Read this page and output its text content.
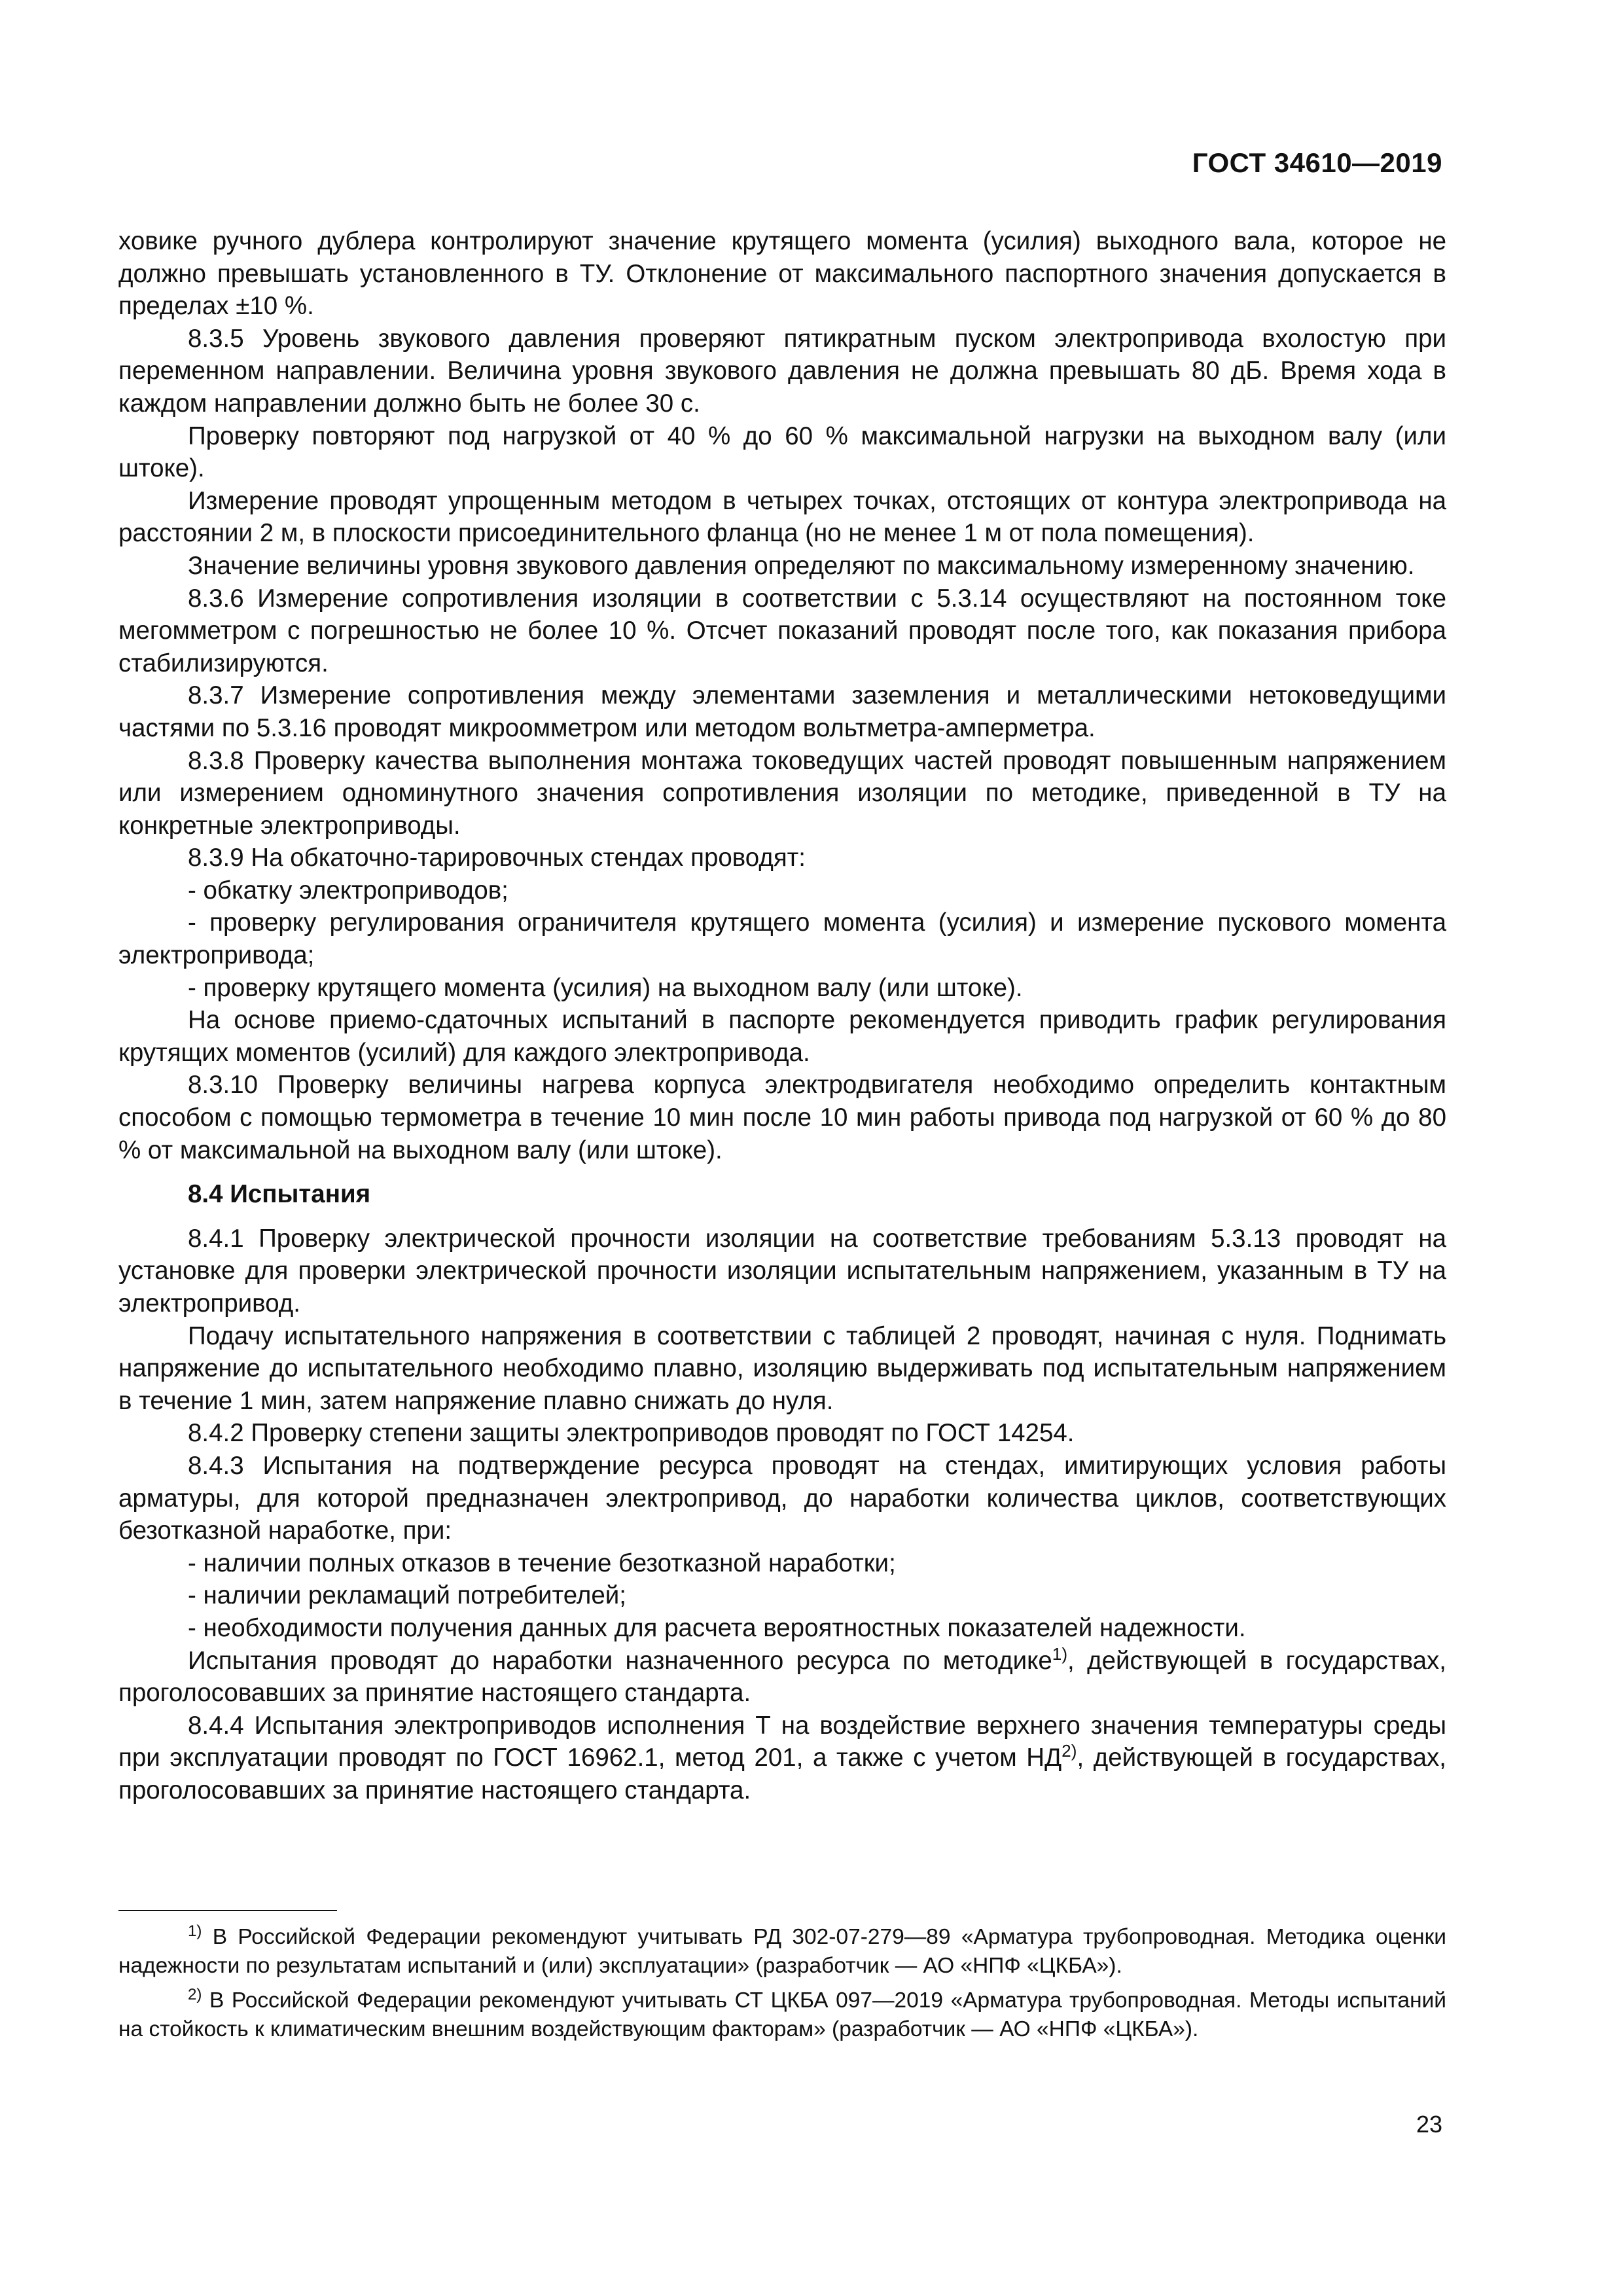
ГОСТ 34610—2019

ховике ручного дублера контролируют значение крутящего момента (усилия) выходного вала, которое не должно превышать установленного в ТУ. Отклонение от максимального паспортного значения допускается в пределах ±10 %.

8.3.5 Уровень звукового давления проверяют пятикратным пуском электропривода вхолостую при переменном направлении. Величина уровня звукового давления не должна превышать 80 дБ. Время хода в каждом направлении должно быть не более 30 с.

Проверку повторяют под нагрузкой от 40 % до 60 % максимальной нагрузки на выходном валу (или штоке).

Измерение проводят упрощенным методом в четырех точках, отстоящих от контура электропривода на расстоянии 2 м, в плоскости присоединительного фланца (но не менее 1 м от пола помещения).

Значение величины уровня звукового давления определяют по максимальному измеренному значению.

8.3.6 Измерение сопротивления изоляции в соответствии с 5.3.14 осуществляют на постоянном токе мегомметром с погрешностью не более 10 %. Отсчет показаний проводят после того, как показания прибора стабилизируются.

8.3.7 Измерение сопротивления между элементами заземления и металлическими нетоковедущими частями по 5.3.16 проводят микроомметром или методом вольтметра-амперметра.

8.3.8 Проверку качества выполнения монтажа токоведущих частей проводят повышенным напряжением или измерением одноминутного значения сопротивления изоляции по методике, приведенной в ТУ на конкретные электроприводы.

8.3.9 На обкаточно-тарировочных стендах проводят:

- обкатку электроприводов;

- проверку регулирования ограничителя крутящего момента (усилия) и измерение пускового момента электропривода;

- проверку крутящего момента (усилия) на выходном валу (или штоке).

На основе приемо-сдаточных испытаний в паспорте рекомендуется приводить график регулирования крутящих моментов (усилий) для каждого электропривода.

8.3.10 Проверку величины нагрева корпуса электродвигателя необходимо определить контактным способом с помощью термометра в течение 10 мин после 10 мин работы привода под нагрузкой от 60 % до 80 % от максимальной на выходном валу (или штоке).

8.4 Испытания

8.4.1 Проверку электрической прочности изоляции на соответствие требованиям 5.3.13 проводят на установке для проверки электрической прочности изоляции испытательным напряжением, указанным в ТУ на электропривод.

Подачу испытательного напряжения в соответствии с таблицей 2 проводят, начиная с нуля. Поднимать напряжение до испытательного необходимо плавно, изоляцию выдерживать под испытательным напряжением в течение 1 мин, затем напряжение плавно снижать до нуля.

8.4.2 Проверку степени защиты электроприводов проводят по ГОСТ 14254.

8.4.3 Испытания на подтверждение ресурса проводят на стендах, имитирующих условия работы арматуры, для которой предназначен электропривод, до наработки количества циклов, соответствующих безотказной наработке, при:

- наличии полных отказов в течение безотказной наработки;

- наличии рекламаций потребителей;

- необходимости получения данных для расчета вероятностных показателей надежности.

Испытания проводят до наработки назначенного ресурса по методике$^{1)}$, действующей в государствах, проголосовавших за принятие настоящего стандарта.

8.4.4 Испытания электроприводов исполнения Т на воздействие верхнего значения температуры среды при эксплуатации проводят по ГОСТ 16962.1, метод 201, а также с учетом НД$^{2)}$, действующей в государствах, проголосовавших за принятие настоящего стандарта.

$^{1)}$ В Российской Федерации рекомендуют учитывать РД 302-07-279—89 «Арматура трубопроводная. Методика оценки надежности по результатам испытаний и (или) эксплуатации» (разработчик — АО «НПФ «ЦКБА»).

$^{2)}$ В Российской Федерации рекомендуют учитывать СТ ЦКБА 097—2019 «Арматура трубопроводная. Методы испытаний на стойкость к климатическим внешним воздействующим факторам» (разработчик — АО «НПФ «ЦКБА»).

23
